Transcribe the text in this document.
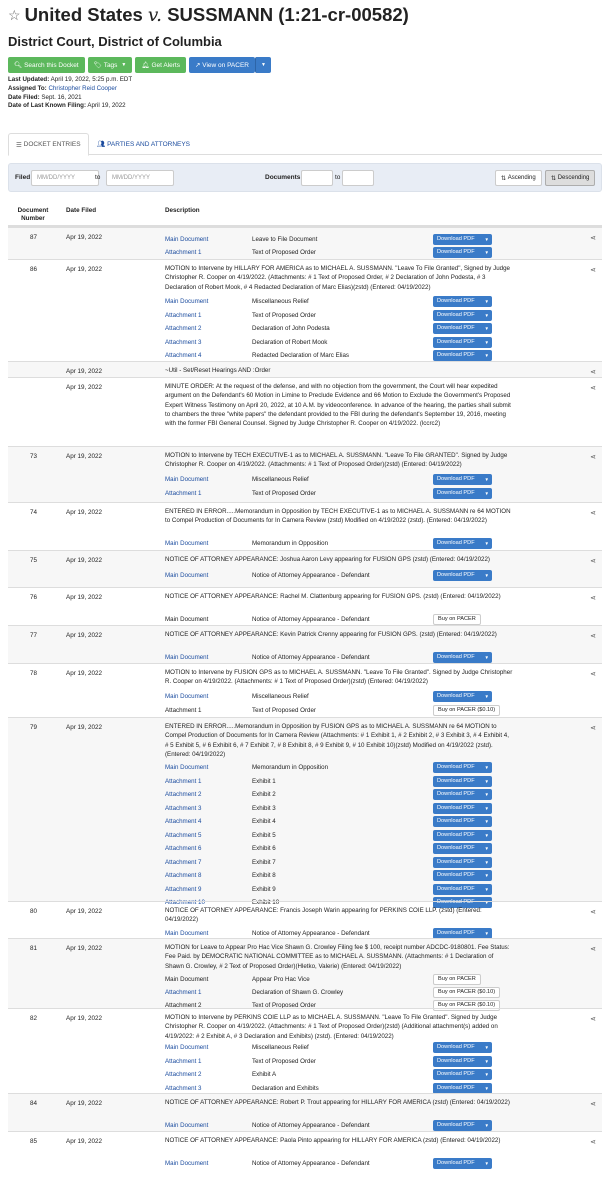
☆ United States v. SUSSMANN (1:21-cr-00582)
District Court, District of Columbia
🔍︎ Search this Docket 🏷︎ Tags ▼ 🔔︎ Get Alerts ↗ View on PACER ▼
Last Updated: April 19, 2022, 5:25 p.m. EDT
Assigned To: Christopher Reid Cooper
Date Filed: Sept. 16, 2021
Date of Last Known Filing: April 19, 2022
☰ DOCKET ENTRIES	👥︎ PARTIES AND ATTORNEYS
Filed	MM/DD/YYYY	to	MM/DD/YYYY	Documents	to	⇅ Ascending	⇅ Descending
Document
Number
Date Filed	Description
87	Apr 19, 2022	⋖
Main Document	Leave to File Document	Download PDF ▼
Attachment 1	Text of Proposed Order	Download PDF ▼
86	Apr 19, 2022	MOTION to Intervene by HILLARY FOR AMERICA as to MICHAEL A. SUSSMANN. "Leave To File Granted", Signed by Judge Christopher R. Cooper on 4/19/2022. (Attachments: # 1 Text of Proposed Order, # 2 Declaration of John Podesta, # 3 Declaration of Robert Mook, # 4 Redacted Declaration of Marc Elias)(zstd) (Entered: 04/19/2022)
⋖
Main Document	Miscellaneous Relief	Download PDF ▼
Attachment 1	Text of Proposed Order	Download PDF ▼
Attachment 2	Declaration of John Podesta	Download PDF ▼
Attachment 3	Declaration of Robert Mook	Download PDF ▼
Attachment 4	Redacted Declaration of Marc Elias	Download PDF ▼
Apr 19, 2022	~Util - Set/Reset Hearings AND :Order	⋖
Apr 19, 2022	MINUTE ORDER: At the request of the defense, and with no objection from the government, the Court will hear expedited argument on the Defendant's 60 Motion in Limine to Preclude Evidence and 66 Motion to Exclude the Government's Proposed Expert Witness Testimony on April 20, 2022, at 10 A.M. by videoconference. In advance of the hearing, the parties shall submit to chambers the three "white papers" the defendant provided to the FBI during the defendant's September 19, 2016, meeting with the former FBI General Counsel. Signed by Judge Christopher R. Cooper on 4/19/2022. (lccrc2)
⋖
73	Apr 19, 2022	MOTION to Intervene by TECH EXECUTIVE-1 as to MICHAEL A. SUSSMANN. "Leave To File GRANTED". Signed by Judge Christopher R. Cooper on 4/19/2022. (Attachments: # 1 Text of Proposed Order)(zstd) (Entered: 04/19/2022)
⋖
Main Document	Miscellaneous Relief	Download PDF ▼
Attachment 1	Text of Proposed Order	Download PDF ▼
74	Apr 19, 2022	ENTERED IN ERROR.....Memorandum in Opposition by TECH EXECUTIVE-1 as to MICHAEL A. SUSSMANN re 64 MOTION to Compel Production of Documents for In Camera Review (zstd) Modified on 4/19/2022 (zstd). (Entered: 04/19/2022)
⋖
Main Document	Memorandum in Opposition	Download PDF ▼
75	Apr 19, 2022	NOTICE OF ATTORNEY APPEARANCE: Joshua Aaron Levy appearing for FUSION GPS (zstd) (Entered: 04/19/2022)	⋖
Main Document	Notice of Attorney Appearance - Defendant	Download PDF ▼
76	Apr 19, 2022	NOTICE OF ATTORNEY APPEARANCE: Rachel M. Clattenburg appearing for FUSION GPS. (zstd) (Entered: 04/19/2022)	⋖
Main Document	Notice of Attorney Appearance - Defendant	Buy on PACER
77	Apr 19, 2022	NOTICE OF ATTORNEY APPEARANCE: Kevin Patrick Crenny appearing for FUSION GPS. (zstd) (Entered: 04/19/2022)	⋖
Main Document	Notice of Attorney Appearance - Defendant	Download PDF ▼
78	Apr 19, 2022	MOTION to Intervene by FUSION GPS as to MICHAEL A. SUSSMANN. "Leave To File Granted". Signed by Judge Christopher R. Cooper on 4/19/2022. (Attachments: # 1 Text of Proposed Order)(zstd) (Entered: 04/19/2022)
⋖
Main Document	Miscellaneous Relief	Download PDF ▼
Attachment 1	Text of Proposed Order	Buy on PACER ($0.10)
79	Apr 19, 2022	ENTERED IN ERROR.....Memorandum in Opposition by FUSION GPS as to MICHAEL A. SUSSMANN re 64 MOTION to Compel Production of Documents for In Camera Review (Attachments: # 1 Exhibit 1, # 2 Exhibit 2, # 3 Exhibit 3, # 4 Exhibit 4, # 5 Exhibit 5, # 6 Exhibit 6, # 7 Exhibit 7, # 8 Exhibit 8, # 9 Exhibit 9, # 10 Exhibit 10)(zstd) Modified on 4/19/2022 (zstd). (Entered: 04/19/2022)
⋖
Main Document	Memorandum in Opposition	Download PDF ▼
Attachment 1	Exhibit 1	Download PDF ▼
Attachment 2	Exhibit 2	Download PDF ▼
Attachment 3	Exhibit 3	Download PDF ▼
Attachment 4	Exhibit 4	Download PDF ▼
Attachment 5	Exhibit 5	Download PDF ▼
Attachment 6	Exhibit 6	Download PDF ▼
Attachment 7	Exhibit 7	Download PDF ▼
Attachment 8	Exhibit 8	Download PDF ▼
Attachment 9	Exhibit 9	Download PDF ▼
Attachment 10	Exhibit 10	Download PDF ▼
80	Apr 19, 2022	NOTICE OF ATTORNEY APPEARANCE: Francis Joseph Warin appearing for PERKINS COIE LLP. (zstd) (Entered: 04/19/2022)
⋖
Main Document	Notice of Attorney Appearance - Defendant	Download PDF ▼
81	Apr 19, 2022	MOTION for Leave to Appear Pro Hac Vice Shawn G. Crowley Filing fee $ 100, receipt number ADCDC-9180801. Fee Status: Fee Paid. by DEMOCRATIC NATIONAL COMMITTEE as to MICHAEL A. SUSSMANN. (Attachments: # 1 Declaration of Shawn G. Crowley, # 2 Text of Proposed Order)(Hletko, Valerie) (Entered: 04/19/2022)
⋖
Main Document	Appear Pro Hac Vice	Buy on PACER
Attachment 1	Declaration of Shawn G. Crowley	Buy on PACER ($0.10)
Attachment 2	Text of Proposed Order	Buy on PACER ($0.10)
82	Apr 19, 2022	MOTION to Intervene by PERKINS COIE LLP as to MICHAEL A. SUSSMANN. "Leave To File Granted". Signed by Judge Christopher R. Cooper on 4/19/2022. (Attachments: # 1 Text of Proposed Order)(zstd) (Additional attachment(s) added on 4/19/2022: # 2 Exhibit A, # 3 Declaration and Exhibits) (zstd). (Entered: 04/19/2022)
⋖
Main Document	Miscellaneous Relief	Download PDF ▼
Attachment 1	Text of Proposed Order	Download PDF ▼
Attachment 2	Exhibit A	Download PDF ▼
Attachment 3	Declaration and Exhibits	Download PDF ▼
84	Apr 19, 2022	NOTICE OF ATTORNEY APPEARANCE: Robert P. Trout appearing for HILLARY FOR AMERICA (zstd) (Entered: 04/19/2022)	⋖
Main Document	Notice of Attorney Appearance - Defendant	Download PDF ▼
85	Apr 19, 2022	NOTICE OF ATTORNEY APPEARANCE: Paola Pinto appearing for HILLARY FOR AMERICA (zstd) (Entered: 04/19/2022)	⋖
Main Document	Notice of Attorney Appearance - Defendant	Download PDF ▼
